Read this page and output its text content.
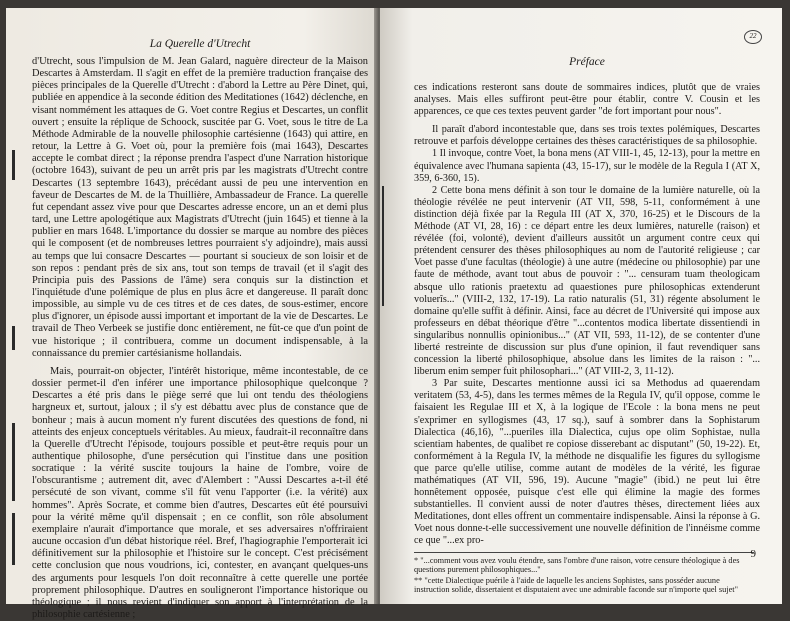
La Querelle d'Utrecht

d'Utrecht, sous l'impulsion de M. Jean Galard, naguère directeur de la Maison Descartes à Amsterdam. Il s'agit en effet de la première traduction française des pièces principales de la Querelle d'Utrecht : d'abord la Lettre au Père Dinet, qui, publiée en appendice à la seconde édition des Meditationes (1642) déclenche, en visant nommément les attaques de G. Voet contre Regius et Descartes, un conflit ouvert ; ensuite la réplique de Schoock, suscitée par G. Voet, sous le titre de La Méthode Admirable de la nouvelle philosophie cartésienne (1643) qui attire, en retour, la Lettre à G. Voet où, pour la première fois (mai 1643), Descartes accepte le combat direct ; la réponse prendra l'aspect d'une Narration historique (octobre 1643), suivant de peu un arrêt pris par les magistrats d'Utrecht contre Descartes (13 septembre 1643), précédant aussi de peu une intervention en faveur de Descartes de M. de la Thuillière, Ambassadeur de France. La querelle fut cependant assez vive pour que Descartes adresse encore, un an et demi plus tard, une Lettre apologétique aux Magistrats d'Utrecht (juin 1645) et tienne à la publier en mars 1648. L'importance du dossier se marque au nombre des pièces qui le composent (et de nombreuses lettres pourraient s'y adjoindre), mais aussi au temps que lui consacre Descartes — pourtant si soucieux de son loisir et de son repos : pendant près de six ans, tout son temps de travail (et il s'agit des Principia puis des Passions de l'âme) sera conquis sur la distinction et l'inquiétude d'une polémique de plus en plus âcre et dangereuse. Il paraît donc impossible, au simple vu de ces titres et de ces dates, de sous-estimer, encore plus d'ignorer, un épisode aussi important et important de la vie de Descartes. Le travail de Theo Verbeek se justifie donc entièrement, ne fût-ce que d'un point de vue historique ; il contribuera, comme un document indispensable, à la connaissance du premier cartésianisme hollandais.

Mais, pourrait-on objecter, l'intérêt historique, même incontestable, de ce dossier permet-il d'en inférer une importance philosophique quelconque ? Descartes a été pris dans le piège serré que lui ont tendu des théologiens hargneux et, surtout, jaloux ; il s'y est débattu avec plus de constance que de bonheur ; mais à aucun moment n'y furent discutées des questions de fond, ni atteints des enjeux conceptuels véritables. Au mieux, faudrait-il reconnaître dans la Querelle d'Utrecht l'épisode, toujours possible et peut-être requis pour un authentique philosophe, d'une persécution qui l'institue dans une position socratique : la vérité suscite toujours la haine de l'ombre, voire de l'obscurantisme ; autrement dit, avec d'Alembert : "Aussi Descartes a-t-il été persécuté de son vivant, comme s'il fût venu l'apporter (i.e. la vérité) aux hommes". Après Socrate, et comme bien d'autres, Descartes eût été poursuivi pour la vérité même qu'il dispensait ; en ce conflit, son rôle absolument exemplaire n'aurait d'importance que morale, et ses adversaires n'offriraient aucune occasion d'un débat historique réel. Bref, l'hagiographie l'emporterait ici définitivement sur la philosophie et l'histoire sur le concept. C'est précisément cette conclusion que nous voudrions, ici, contester, en avançant quelques-uns des arguments pour lesquels l'on doit reconnaître à cette querelle une portée proprement philosophique. D'autres en souligneront l'importance historique ou théologique ; il nous revient d'indiquer son apport à l'interprétation de la philosophie cartésienne ;

22
Préface

ces indications resteront sans doute de sommaires indices, plutôt que de vraies analyses. Mais elles suffiront peut-être pour établir, contre V. Cousin et les apparences, ce que ces textes peuvent garder "de fort important pour nous".

Il paraît d'abord incontestable que, dans ses trois textes polémiques, Descartes retrouve et parfois développe certaines des thèses caractéristiques de sa philosophie.

1 Il invoque, contre Voet, la bona mens (AT VIII-1, 45, 12-13), pour la mettre en équivalence avec l'humana sapienta (43, 15-17), sur le modèle de la Regula I (AT X, 359, 6-360, 15).

2 Cette bona mens définit à son tour le domaine de la lumière naturelle, où la théologie révélée ne peut intervenir (AT VII, 598, 5-11, conformément à une distinction déjà fixée par la Regula III (AT X, 370, 16-25) et le Discours de la Méthode (AT VI, 28, 16) : ce départ entre les deux lumières, naturelle (raison) et révélée (foi, volonté), devient d'ailleurs aussitôt un argument contre ceux qui prétendent censurer des thèses philosophiques au nom de l'autorité religieuse ; car Voet passe d'une facultas (théologie) à une autre (médecine ou philosophie) par une faute de méthode, avant tout abus de pouvoir : "... censuram tuam theologicam absque ullo rationis praetextu ad quaestiones pure philosophicas extenderunt voluerîs..." (VIII-2, 132, 17-19). La ratio naturalis (51, 31) régente absolument le domaine qu'elle suffit à définir. Ainsi, face au décret de l'Université qui impose aux professeurs en débat théorique d'être "...contentos modica libertate dissentiendi in singularibus nonnullis opinionibus..." (AT VII, 593, 11-12), de se contenter d'une liberté restreinte de discussion sur plus d'une opinion, il faut revendiquer sans concession la liberté philosophique, absolue dans les limites de la raison : "... liberum enim semper fuit philosophari..." (AT VIII-2, 3, 11-12).

3 Par suite, Descartes mentionne aussi ici sa Methodus ad quaerendam veritatem (53, 4-5), dans les termes mêmes de la Regula IV, qu'il oppose, comme le faisaient les Regulae III et X, à la logique de l'Ecole : la bona mens ne peut s'exprimer en syllogismes (43, 17 sq.), sauf à sombrer dans la Sophistarum Dialectica (46,16), "...pueriles illa Dialectica, cujus ope olim Sophistae, nulla scientiam habentes, de qualibet re copiose disserebant ac disputant" (50, 19-22). Et, conformément à la Regula IV, la méthode ne disqualifie les figures du syllogisme que parce qu'elle utilise, comme autant de modèles de la vérité, les figurae mathématiques (AT VII, 596, 19). Aucune "magie" (ibid.) ne peut lui être honnêtement opposée, puisque c'est elle qui élimine la magie des formes substantielles. Il convient aussi de noter d'autres thèses, directement liées aux Meditationes, dont elles offrent un commentaire indispensable. Ainsi la réponse à G. Voet nous donne-t-elle successivement une nouvelle définition de l'innéisme comme ce que "...ex pro-

* "...comment vous avez voulu étendre, sans l'ombre d'une raison, votre censure théologique à des questions purement philosophiques..."

** "cette Dialectique puérile à l'aide de laquelle les anciens Sophistes, sans posséder aucune instruction solide, dissertaient et disputaient avec une admirable faconde sur n'importe quel sujet"

9
